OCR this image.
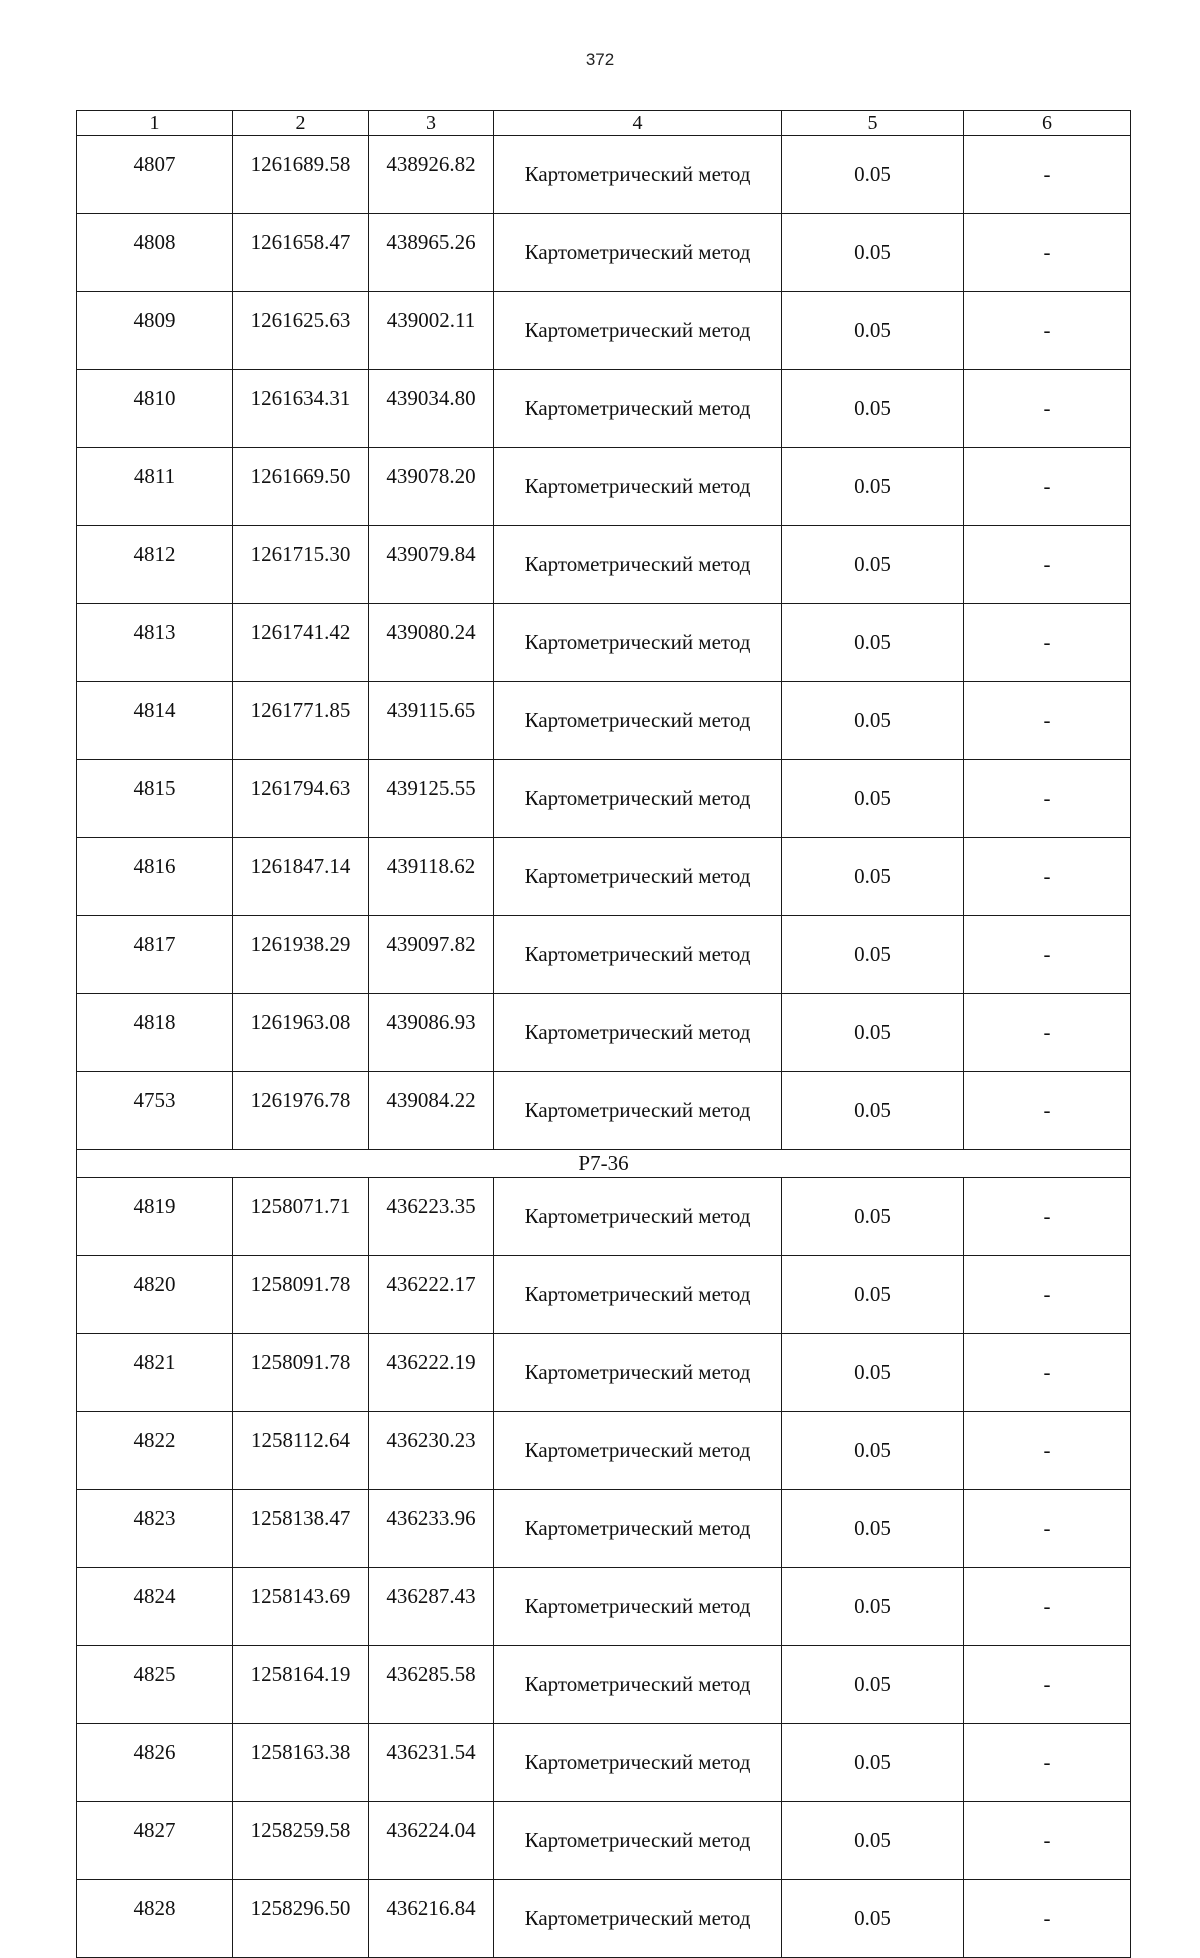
372
1	2	3	4	5	6
4807	1261689.58	438926.82	Картометрический метод	0.05	-
4808	1261658.47	438965.26	Картометрический метод	0.05	-
4809	1261625.63	439002.11	Картометрический метод	0.05	-
4810	1261634.31	439034.80	Картометрический метод	0.05	-
4811	1261669.50	439078.20	Картометрический метод	0.05	-
4812	1261715.30	439079.84	Картометрический метод	0.05	-
4813	1261741.42	439080.24	Картометрический метод	0.05	-
4814	1261771.85	439115.65	Картометрический метод	0.05	-
4815	1261794.63	439125.55	Картометрический метод	0.05	-
4816	1261847.14	439118.62	Картометрический метод	0.05	-
4817	1261938.29	439097.82	Картометрический метод	0.05	-
4818	1261963.08	439086.93	Картометрический метод	0.05	-
4753	1261976.78	439084.22	Картометрический метод	0.05	-
Р7-36					
4819	1258071.71	436223.35	Картометрический метод	0.05	-
4820	1258091.78	436222.17	Картометрический метод	0.05	-
4821	1258091.78	436222.19	Картометрический метод	0.05	-
4822	1258112.64	436230.23	Картометрический метод	0.05	-
4823	1258138.47	436233.96	Картометрический метод	0.05	-
4824	1258143.69	436287.43	Картометрический метод	0.05	-
4825	1258164.19	436285.58	Картометрический метод	0.05	-
4826	1258163.38	436231.54	Картометрический метод	0.05	-
4827	1258259.58	436224.04	Картометрический метод	0.05	-
4828	1258296.50	436216.84	Картометрический метод	0.05	-
